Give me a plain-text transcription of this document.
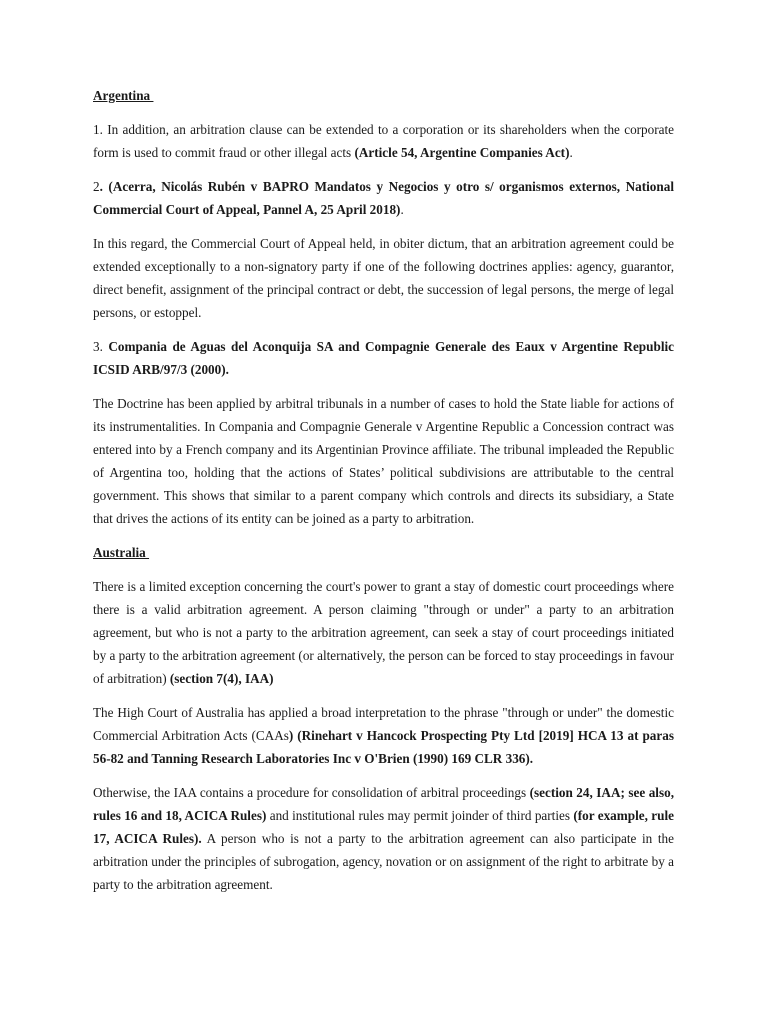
Argentina

1. In addition, an arbitration clause can be extended to a corporation or its shareholders when the corporate form is used to commit fraud or other illegal acts (Article 54, Argentine Companies Act).

2. (Acerra, Nicolás Rubén v BAPRO Mandatos y Negocios y otro s/ organismos externos, National Commercial Court of Appeal, Pannel A, 25 April 2018).

In this regard, the Commercial Court of Appeal held, in obiter dictum, that an arbitration agreement could be extended exceptionally to a non-signatory party if one of the following doctrines applies: agency, guarantor, direct benefit, assignment of the principal contract or debt, the succession of legal persons, the merge of legal persons, or estoppel.

3. Compania de Aguas del Aconquija SA and Compagnie Generale des Eaux v Argentine Republic ICSID ARB/97/3 (2000).

The Doctrine has been applied by arbitral tribunals in a number of cases to hold the State liable for actions of its instrumentalities. In Compania and Compagnie Generale v Argentine Republic a Concession contract was entered into by a French company and its Argentinian Province affiliate. The tribunal impleaded the Republic of Argentina too, holding that the actions of States’ political subdivisions are attributable to the central government. This shows that similar to a parent company which controls and directs its subsidiary, a State that drives the actions of its entity can be joined as a party to arbitration.

Australia

There is a limited exception concerning the court's power to grant a stay of domestic court proceedings where there is a valid arbitration agreement. A person claiming "through or under" a party to an arbitration agreement, but who is not a party to the arbitration agreement, can seek a stay of court proceedings initiated by a party to the arbitration agreement (or alternatively, the person can be forced to stay proceedings in favour of arbitration) (section 7(4), IAA)

The High Court of Australia has applied a broad interpretation to the phrase "through or under" the domestic Commercial Arbitration Acts (CAAs) (Rinehart v Hancock Prospecting Pty Ltd [2019] HCA 13 at paras 56-82 and Tanning Research Laboratories Inc v O'Brien (1990) 169 CLR 336).

Otherwise, the IAA contains a procedure for consolidation of arbitral proceedings (section 24, IAA; see also, rules 16 and 18, ACICA Rules) and institutional rules may permit joinder of third parties (for example, rule 17, ACICA Rules). A person who is not a party to the arbitration agreement can also participate in the arbitration under the principles of subrogation, agency, novation or on assignment of the right to arbitrate by a party to the arbitration agreement.
